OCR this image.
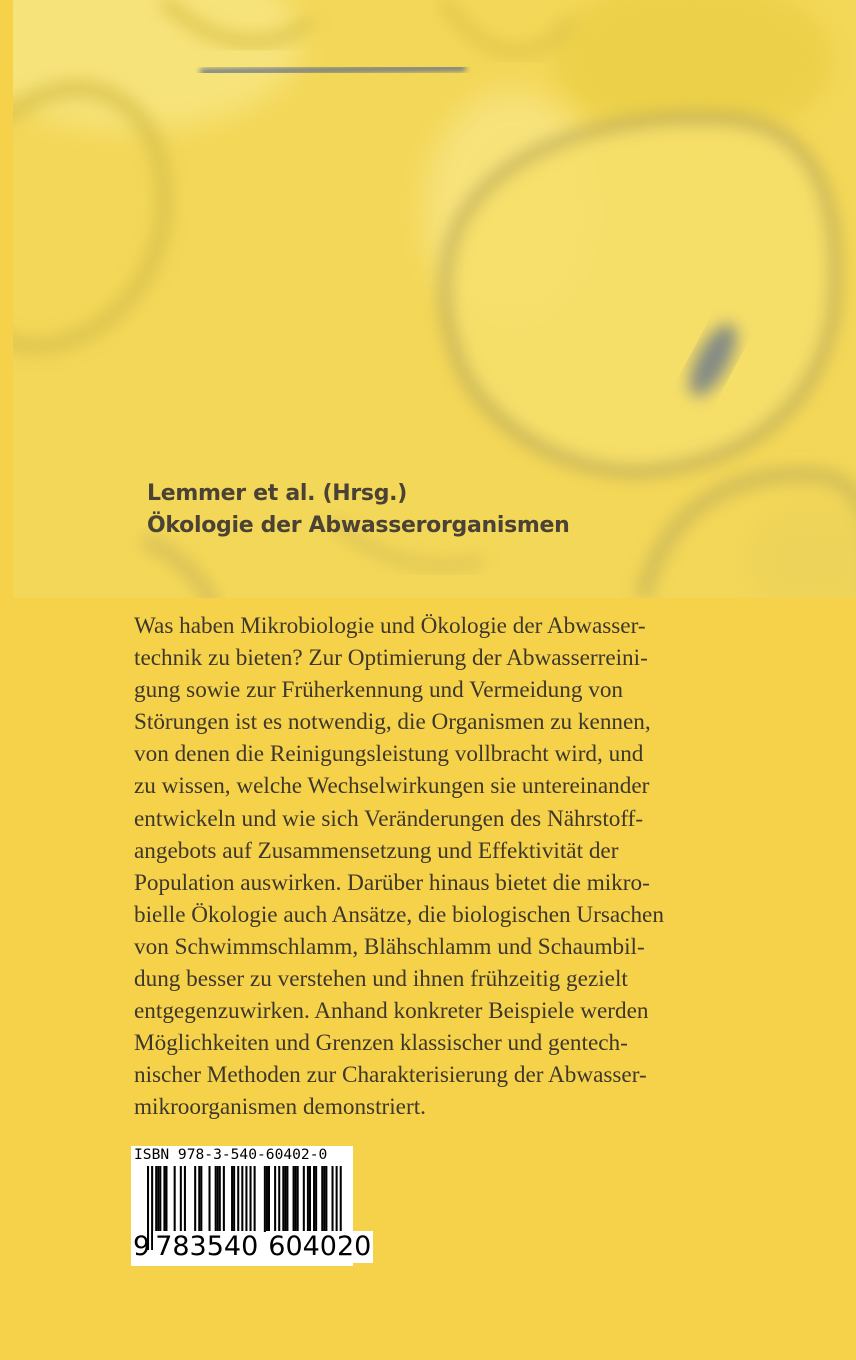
Lemmer et al. (Hrsg.)
Ökologie der Abwasserorganismen
Was haben Mikrobiologie und Ökologie der Abwasser-
technik zu bieten? Zur Optimierung der Abwasserreini-
gung sowie zur Früherkennung und Vermeidung von
Störungen ist es notwendig, die Organismen zu kennen,
von denen die Reinigungsleistung vollbracht wird, und
zu wissen, welche Wechselwirkungen sie untereinander
entwickeln und wie sich Veränderungen des Nährstoff-
angebots auf Zusammensetzung und Effektivität der
Population auswirken. Darüber hinaus bietet die mikro-
bielle Ökologie auch Ansätze, die biologischen Ursachen
von Schwimmschlamm, Blähschlamm und Schaumbil-
dung besser zu verstehen und ihnen frühzeitig gezielt
entgegenzuwirken. Anhand konkreter Beispiele werden
Möglichkeiten und Grenzen klassischer und gentech-
nischer Methoden zur Charakterisierung der Abwasser-
mikroorganismen demonstriert.
ISBN 978-3-540-60402-0
9 783540 604020
